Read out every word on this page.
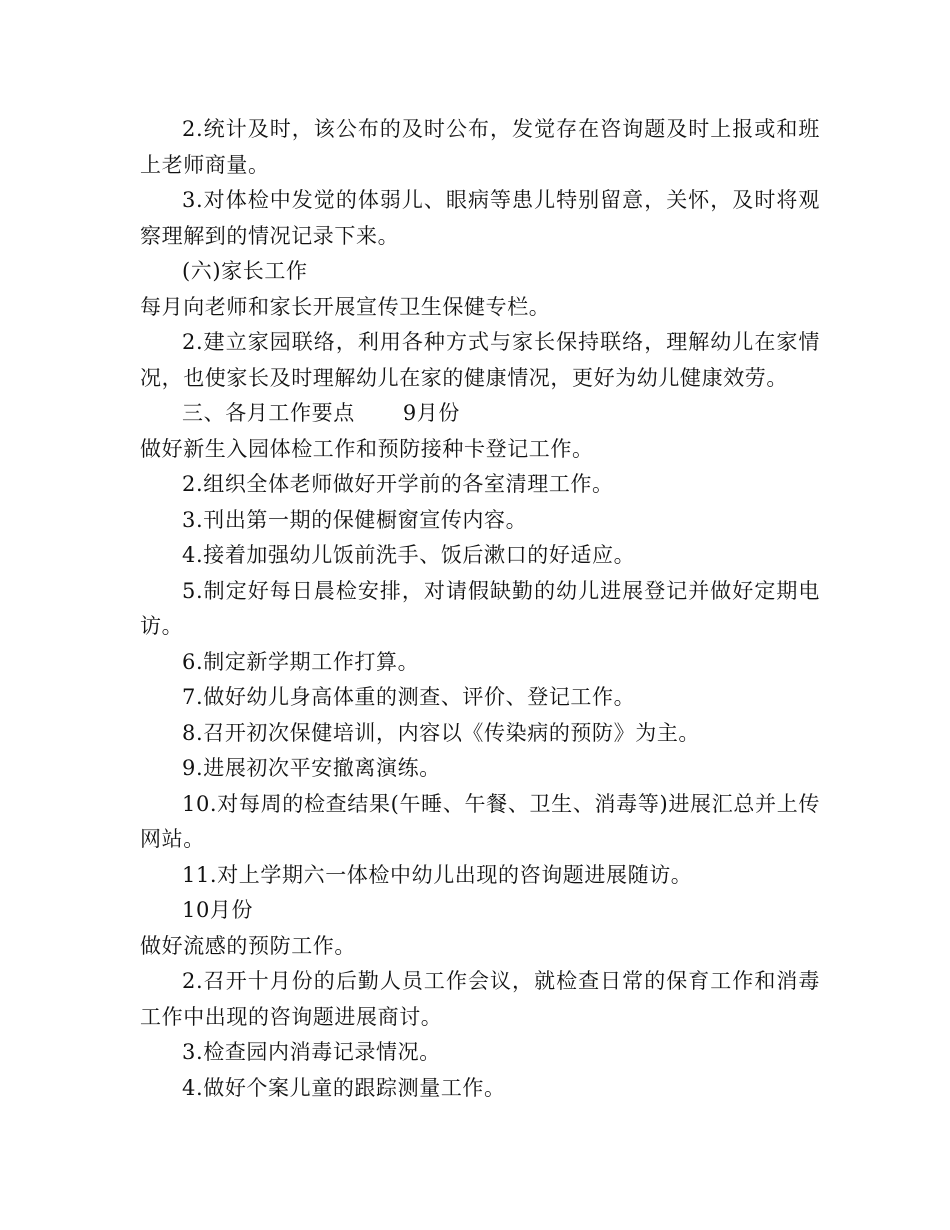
2.统计及时，该公布的及时公布，发觉存在咨询题及时上报或和班上老师商量。

3.对体检中发觉的体弱儿、眼病等患儿特别留意，关怀，及时将观察理解到的情况记录下来。

(六)家长工作

每月向老师和家长开展宣传卫生保健专栏。

2.建立家园联络，利用各种方式与家长保持联络，理解幼儿在家情况，也使家长及时理解幼儿在家的健康情况，更好为幼儿健康效劳。

三、各月工作要点 9月份

做好新生入园体检工作和预防接种卡登记工作。

2.组织全体老师做好开学前的各室清理工作。

3.刊出第一期的保健橱窗宣传内容。

4.接着加强幼儿饭前洗手、饭后漱口的好适应。

5.制定好每日晨检安排，对请假缺勤的幼儿进展登记并做好定期电访。

6.制定新学期工作打算。

7.做好幼儿身高体重的测查、评价、登记工作。

8.召开初次保健培训，内容以《传染病的预防》为主。

9.进展初次平安撤离演练。

10.对每周的检查结果(午睡、午餐、卫生、消毒等)进展汇总并上传网站。

11.对上学期六一体检中幼儿出现的咨询题进展随访。

10月份

做好流感的预防工作。

2.召开十月份的后勤人员工作会议，就检查日常的保育工作和消毒工作中出现的咨询题进展商讨。

3.检查园内消毒记录情况。

4.做好个案儿童的跟踪测量工作。
